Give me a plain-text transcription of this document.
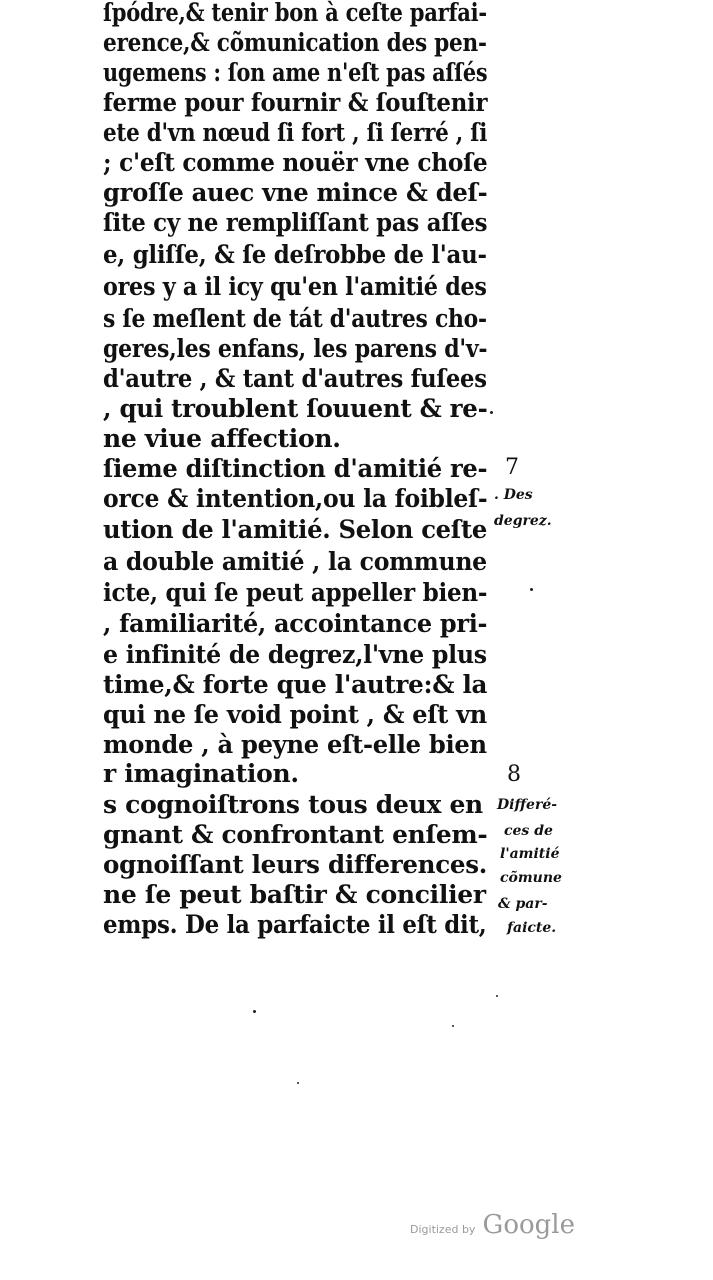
ſpódre,& tenir bon à ceſte parfai-
erence,& cõmunication des pen-
ugemens : ſon ame n'eſt pas aſſés
ferme pour fournir & ſouſtenir
ete d'vn nœud ſi fort , ſi ſerré , ſi
; c'eſt comme nouër vne choſe
groſſe auec vne mince & deſ-
ſite cy ne rempliſſant pas aſſes
e, gliſſe, & ſe deſrobbe de l'au-
ores y a il icy qu'en l'amitié des
s ſe meſlent de tát d'autres cho-
geres,les enfans, les parens d'v-
d'autre , & tant d'autres fuſees
, qui troublent ſouuent & re-
ne viue affection.
ſieme diſtinction d'amitié re-
orce & intention,ou la foibleſ-
ution de l'amitié. Selon ceſte
a double amitié , la commune
icte, qui ſe peut appeller bien-
, familiarité, accointance pri-
e infinité de degrez,l'vne plus
time,& forte que l'autre:& la
qui ne ſe void point , & eſt vn
monde , à peyne eſt-elle bien
r imagination.
s cognoiſtrons tous deux en
gnant & confrontant enſem-
ognoiſſant leurs differences.
ne ſe peut baſtir & concilier
emps. De la parfaicte il eſt dit,
7
. Des
degrez.
8
Differé-
ces de
l'amitié
cõmune
& par-
faicte.
Digitized by Google
